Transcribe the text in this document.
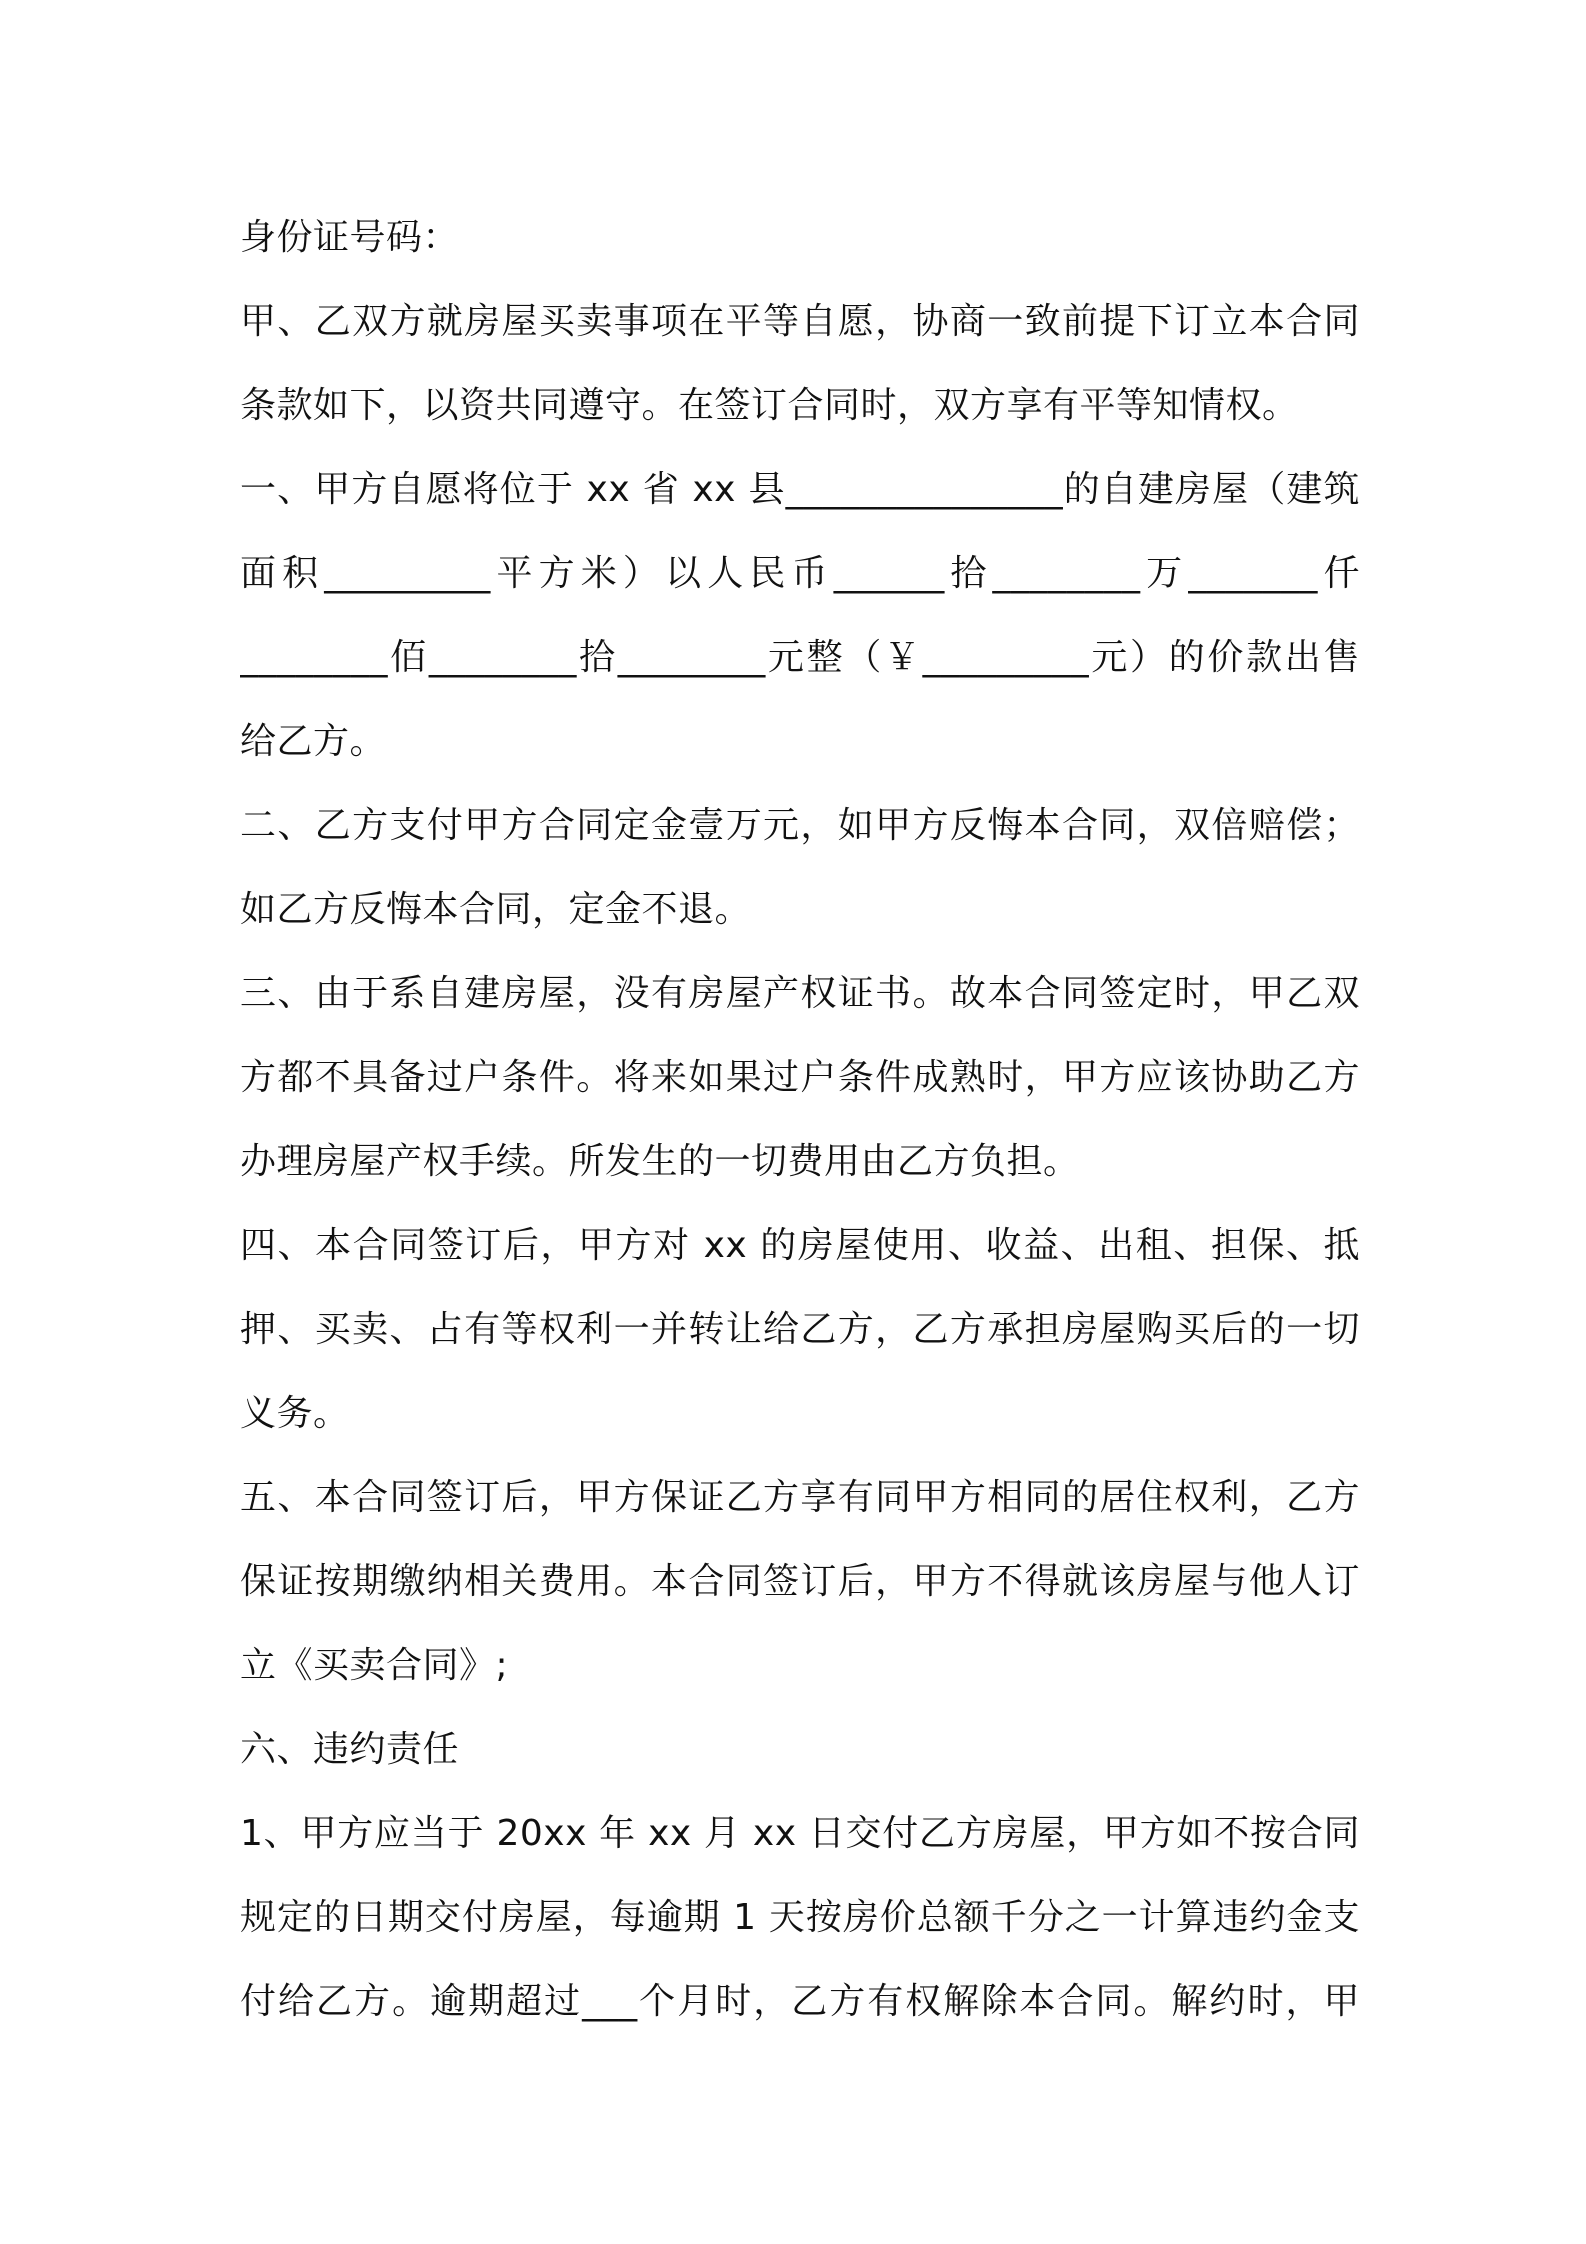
身份证号码：
甲、乙双方就房屋买卖事项在平等自愿，协商一致前提下订立本合同
条款如下，以资共同遵守。在签订合同时，双方享有平等知情权。
一、甲方自愿将位于 xx 省 xx 县_______________的自建房屋（建筑
面积_________平方米）以人民币______拾________万_______仟
________佰________拾________元整（￥_________元）的价款出售
给乙方。
二、乙方支付甲方合同定金壹万元，如甲方反悔本合同，双倍赔偿；
如乙方反悔本合同，定金不退。
三、由于系自建房屋，没有房屋产权证书。故本合同签定时，甲乙双
方都不具备过户条件。将来如果过户条件成熟时，甲方应该协助乙方
办理房屋产权手续。所发生的一切费用由乙方负担。
四、本合同签订后，甲方对 xx 的房屋使用、收益、出租、担保、抵
押、买卖、占有等权利一并转让给乙方，乙方承担房屋购买后的一切
义务。
五、本合同签订后，甲方保证乙方享有同甲方相同的居住权利，乙方
保证按期缴纳相关费用。本合同签订后，甲方不得就该房屋与他人订
立《买卖合同》;
六、违约责任
1、甲方应当于 20xx 年 xx 月 xx 日交付乙方房屋，甲方如不按合同
规定的日期交付房屋，每逾期 1 天按房价总额千分之一计算违约金支
付给乙方。逾期超过___个月时，乙方有权解除本合同。解约时，甲
